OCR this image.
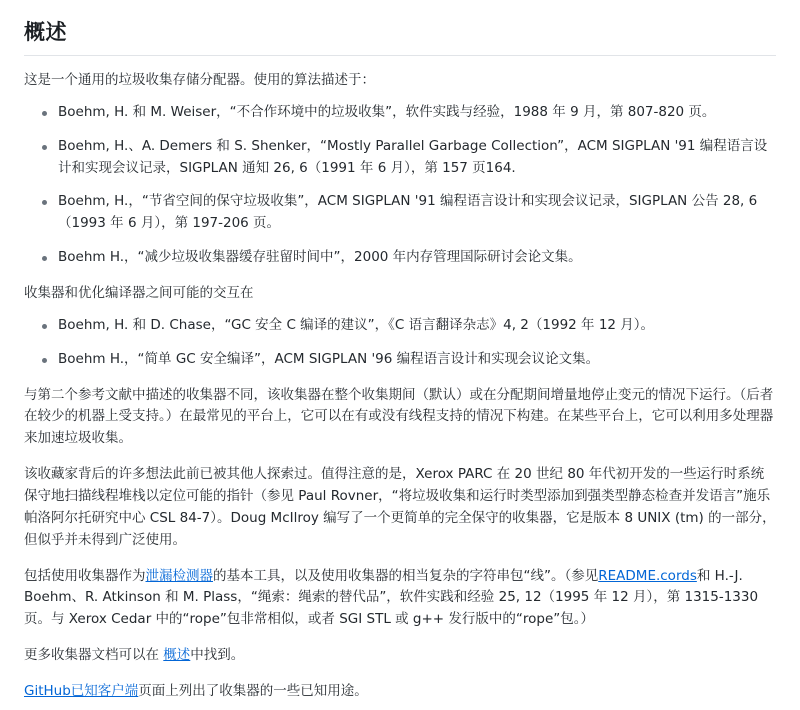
概述

这是一个通用的垃圾收集存储分配器。使用的算法描述于：

Boehm, H. 和 M. Weiser，“不合作环境中的垃圾收集”，软件实践与经验，1988 年 9 月，第 807-820 页。
Boehm, H.、A. Demers 和 S. Shenker，“Mostly Parallel Garbage Collection”，ACM SIGPLAN '91 编程语言设计和实现会议记录，SIGPLAN 通知 26, 6（1991 年 6 月），第 157 页164.
Boehm, H.，“节省空间的保守垃圾收集”，ACM SIGPLAN '91 编程语言设计和实现会议记录，SIGPLAN 公告 28, 6（1993 年 6 月），第 197-206 页。
Boehm H.，“减少垃圾收集器缓存驻留时间中”，2000 年内存管理国际研讨会论文集。

收集器和优化编译器之间可能的交互在

Boehm, H. 和 D. Chase，“GC 安全 C 编译的建议”，《C 语言翻译杂志》4, 2（1992 年 12 月）。
Boehm H.，“简单 GC 安全编译”，ACM SIGPLAN '96 编程语言设计和实现会议论文集。

与第二个参考文献中描述的收集器不同，该收集器在整个收集期间（默认）或在分配期间增量地停止变元的情况下运行。（后者在较少的机器上受支持。）在最常见的平台上，它可以在有或没有线程支持的情况下构建。在某些平台上，它可以利用多处理器来加速垃圾收集。

该收藏家背后的许多想法此前已被其他人探索过。值得注意的是，Xerox PARC 在 20 世纪 80 年代初开发的一些运行时系统保守地扫描线程堆栈以定位可能的指针（参见 Paul Rovner，“将垃圾收集和运行时类型添加到强类型静态检查并发语言”施乐帕洛阿尔托研究中心 CSL 84-7）。Doug McIlroy 编写了一个更简单的完全保守的收集器，它是版本 8 UNIX (tm) 的一部分，但似乎并未得到广泛使用。

包括使用收集器作为泄漏检测器的基本工具，以及使用收集器的相当复杂的字符串包“线”。（参见README.cords和 H.-J. Boehm、R. Atkinson 和 M. Plass，“绳索：绳索的替代品”，软件实践和经验 25, 12（1995 年 12 月），第 1315-1330 页。与 Xerox Cedar 中的“rope”包非常相似，或者 SGI STL 或 g++ 发行版中的“rope”包。）

更多收集器文档可以在 概述中找到。

GitHub已知客户端页面上列出了收集器的一些已知用途。
